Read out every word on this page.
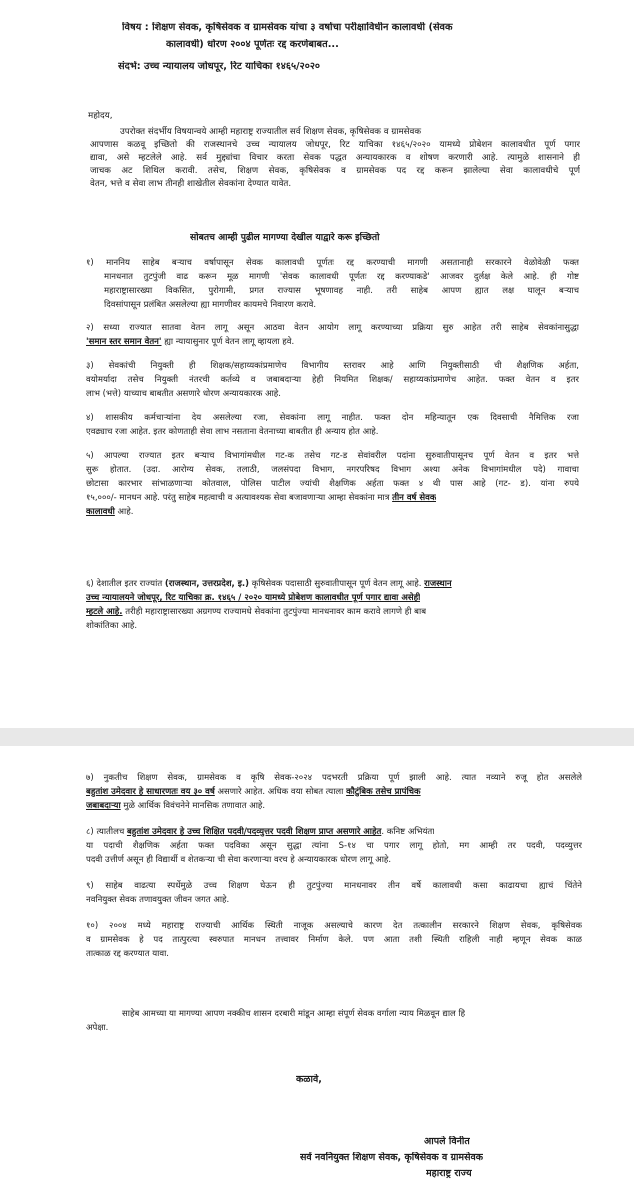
विषय : शिक्षण सेवक, कृषिसेवक व ग्रामसेवक यांचा ३ वर्षाचा परीक्षाविधीन कालावधी (सेवक
कालावधी) धोरण २००४ पूर्णतः रद्द करणेबाबत...
संदर्भ: उच्च न्यायालय जोधपूर, रिट याचिका १४६५/२०२०
महोदय,
उपरोक्त संदर्भीय विषयान्वये आम्ही महाराष्ट्र राज्यातील सर्व शिक्षण सेवक, कृषिसेवक व ग्रामसेवक
आपणास कळवू इच्छितो की राजस्थानचे उच्च न्यायालय जोधपूर, रिट याचिका १४६५/२०२० यामध्ये प्रोबेशन कालावधीत पूर्ण पगार
द्यावा, असे म्हटलेले आहे. सर्व मुद्द्यांचा विचार करता सेवक पद्धत अन्यायकारक व शोषण करणारी आहे. त्यामुळे शासनाने ही
जाचक अट शिथिल करावी. तसेच, शिक्षण सेवक, कृषिसेवक व ग्रामसेवक पद रद्द करून झालेल्या सेवा कालावधीचे पूर्ण
वेतन, भत्ते व सेवा लाभ तीनही शाखेतील सेवकांना देण्यात यावेत.
सोबतच आम्ही पुढील मागण्या देखील याद्वारे करू इच्छितो
१) माननिय साहेब बऱ्याच वर्षापासून सेवक कालावधी पूर्णतः रद्द करण्याची मागणी असतानाही सरकारने वेळोवेळी फक्त
मानधनात तुटपुंजी वाढ करून मूळ मागणी 'सेवक कालावधी पूर्णतः रद्द करण्याकडे' आजवर दुर्लक्ष केले आहे. ही गोष्ट
महाराष्ट्रासारख्या विकसित, पुरोगामी, प्रगत राज्यास भूषणावह नाही. तरी साहेब आपण ह्यात लक्ष घालून बऱ्याच
दिवसांपासून प्रलंबित असलेल्या ह्या मागणीवर कायमचे निवारण करावे.
२) सध्या राज्यात सातवा वेतन लागू असून आठवा वेतन आयोग लागू करण्याच्या प्रक्रिया सुरु आहेत तरी साहेब सेवकांनासुद्धा
'समान स्तर समान वेतन' ह्या न्यायासुनार पूर्ण वेतन लागू व्हायला हवे.
३) सेवकांची नियुक्ती ही शिक्षक/सहाय्यकांप्रमाणेच विभागीय स्तरावर आहे आणि नियुक्तीसाठी ची शैक्षणिक अर्हता,
वयोमर्यादा तसेच नियुक्ती नंतरची कर्तव्ये व जबाबदाऱ्या हेही नियमित शिक्षक/ सहाय्यकांप्रमाणेच आहेत. फक्त वेतन व इतर
लाभ (भत्ते) याच्याच बाबतीत असणारे धोरण अन्यायकारक आहे.
४) शासकीय कर्मचाऱ्यांना देय असलेल्या रजा, सेवकांना लागू नाहीत. फक्त दोन महिन्यातून एक दिवसाची नैमित्तिक रजा
एवढ्याच रजा आहेत. इतर कोणताही सेवा लाभ नसताना वेतनाच्या बाबतीत ही अन्याय होत आहे.
५) आपल्या राज्यात इतर बऱ्याच विभागांमधील गट-क तसेच गट-ड सेवांवरील पदांना सुरुवातीपासूनच पूर्ण वेतन व इतर भत्ते
सुरू होतात. (उदा. आरोग्य सेवक, तलाठी, जलसंपदा विभाग, नगरपरिषद विभाग अश्या अनेक विभागांमधील पदे) गावाचा
छोटासा कारभार सांभाळणाऱ्या कोतवाल, पोलिस पाटील ज्यांची शैक्षणिक अर्हता फक्त ४ थी पास आहे (गट- ड). यांना रुपये
१५,०००/- मानधन आहे. परंतु साहेब महत्वाची व अत्यावश्यक सेवा बजावणाऱ्या आम्हा सेवकांना मात्र तीन वर्ष सेवक
कालावधी आहे.
६) देशातील इतर राज्यांत (राजस्थान, उत्तरप्रदेश, इ.) कृषिसेवक पदासाठी सुरुवातीपासून पूर्ण वेतन लागू आहे. राजस्थान
उच्च न्यायालयने जोधपूर, रिट याचिका क्र. १४६५ / २०२० यामध्ये प्रोबेशण कालावधीत पूर्ण पगार द्यावा असेही
म्हटले आहे. तरीही महाराष्ट्रासारख्या अग्रगण्य राज्यामधे सेवकांना तुटपुंज्या मानधनावर काम करावे लागणे ही बाब
शोकांतिका आहे.
७) नुकतीच शिक्षण सेवक, ग्रामसेवक व कृषि सेवक-२०२४ पदभरती प्रक्रिया पूर्ण झाली आहे. त्यात नव्याने रुजू होत असलेले
बहुतांश उमेदवार हे साधारणतः वय ३० वर्ष असणारे आहेत. अधिक वया सोबत त्याला कौटुंबिक तसेच प्रापंचिक
जबाबदाऱ्या मुळे आर्थिक विवंचनेने मानसिक तणावात आहे.
८) त्यातीलच बहुतांश उमेदवार हे उच्च शिक्षित पदवी/पदव्युत्तर पदवी शिक्षण प्राप्त असणारे आहेत. कनिष्ट अभियंता
या पदाची शैक्षणिक अर्हता फक्त पदविका असून सुद्धा त्यांना S-१४ चा पगार लागू होतो, मग आम्ही तर पदवी, पदव्युत्तर
पदवी उत्तीर्ण असून ही विद्यार्थी व शेतकऱ्या ची सेवा करणाऱ्या वरच हे अन्यायकारक धोरण लागू आहे.
९) साहेब वाढत्या स्पर्धेमुळे उच्च शिक्षण घेऊन ही तुटपुंज्या मानधनावर तीन वर्षे कालावधी कसा काढायचा ह्याचं चिंतेने
नवनियुक्त सेवक तणावयुक्त जीवन जगत आहे.
१०) २००४ मध्ये महाराष्ट्र राज्याची आर्थिक स्थिती नाजूक असल्याचे कारण देत तत्कालीन सरकारने शिक्षण सेवक, कृषिसेवक
व ग्रामसेवक हे पद तात्पुरत्या स्वरुपात मानधन तत्त्वावर निर्माण केले. पण आता तशी स्थिती राहिली नाही म्हणून सेवक काळ
तात्काळ रद्द करण्यात यावा.
साहेब आमच्या या मागण्या आपण नक्कीच शासन दरबारी मांडून आम्हा संपूर्ण सेवक वर्गाला न्याय मिळवून द्याल हि
अपेक्षा.
कळावे,
आपले विनीत
सर्व नवनियुक्त शिक्षण सेवक, कृषिसेवक व ग्रामसेवक
महाराष्ट्र राज्य
